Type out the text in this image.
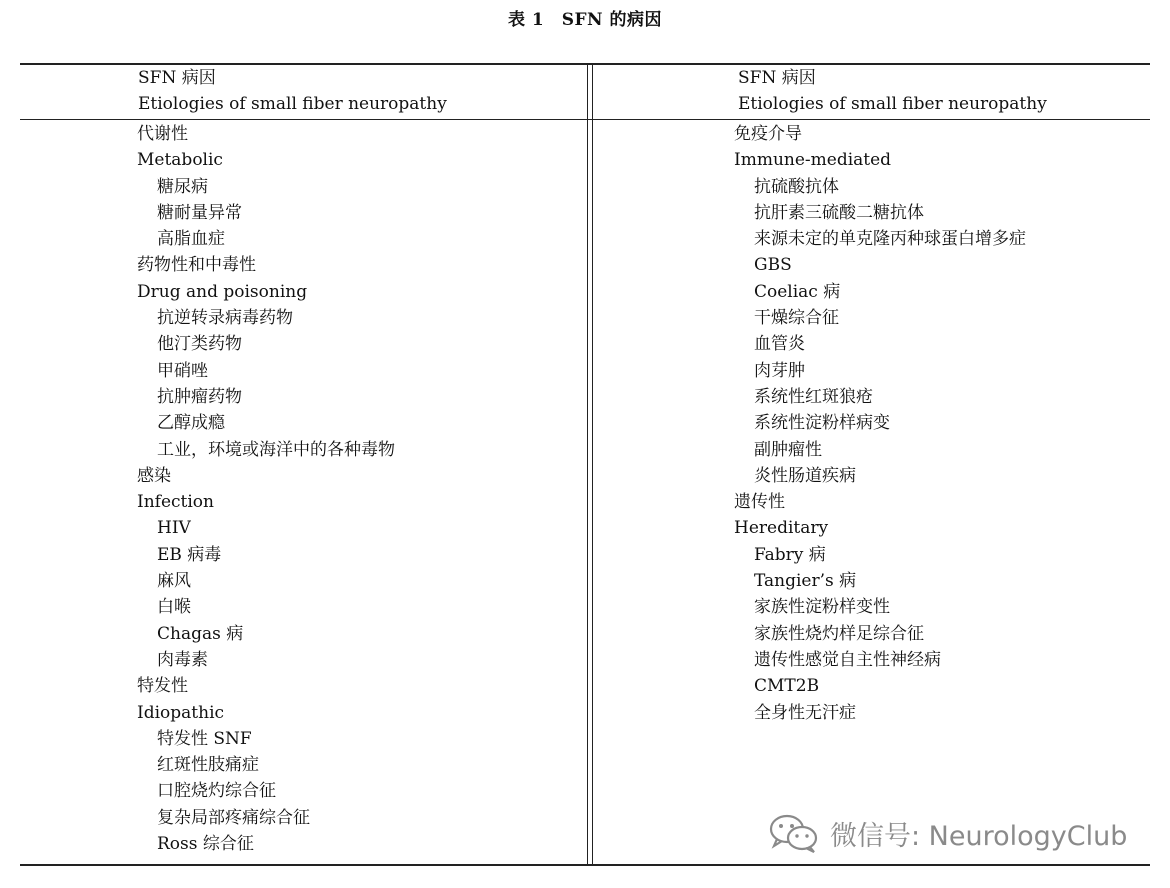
表 1　SFN 的病因
SFN 病因
Etiologies of small fiber neuropathy
SFN 病因
Etiologies of small fiber neuropathy
代谢性
Metabolic
糖尿病
糖耐量异常
高脂血症
药物性和中毒性
Drug and poisoning
抗逆转录病毒药物
他汀类药物
甲硝唑
抗肿瘤药物
乙醇成瘾
工业，环境或海洋中的各种毒物
感染
Infection
HIV
EB 病毒
麻风
白喉
Chagas 病
肉毒素
特发性
Idiopathic
特发性 SNF
红斑性肢痛症
口腔烧灼综合征
复杂局部疼痛综合征
Ross 综合征
免疫介导
Immune-mediated
抗硫酸抗体
抗肝素三硫酸二糖抗体
来源未定的单克隆丙种球蛋白增多症
GBS
Coeliac 病
干燥综合征
血管炎
肉芽肿
系统性红斑狼疮
系统性淀粉样病变
副肿瘤性
炎性肠道疾病
遗传性
Hereditary
Fabry 病
Tangier’s 病
家族性淀粉样变性
家族性烧灼样足综合征
遗传性感觉自主性神经病
CMT2B
全身性无汗症
微信号: NeurologyClub
